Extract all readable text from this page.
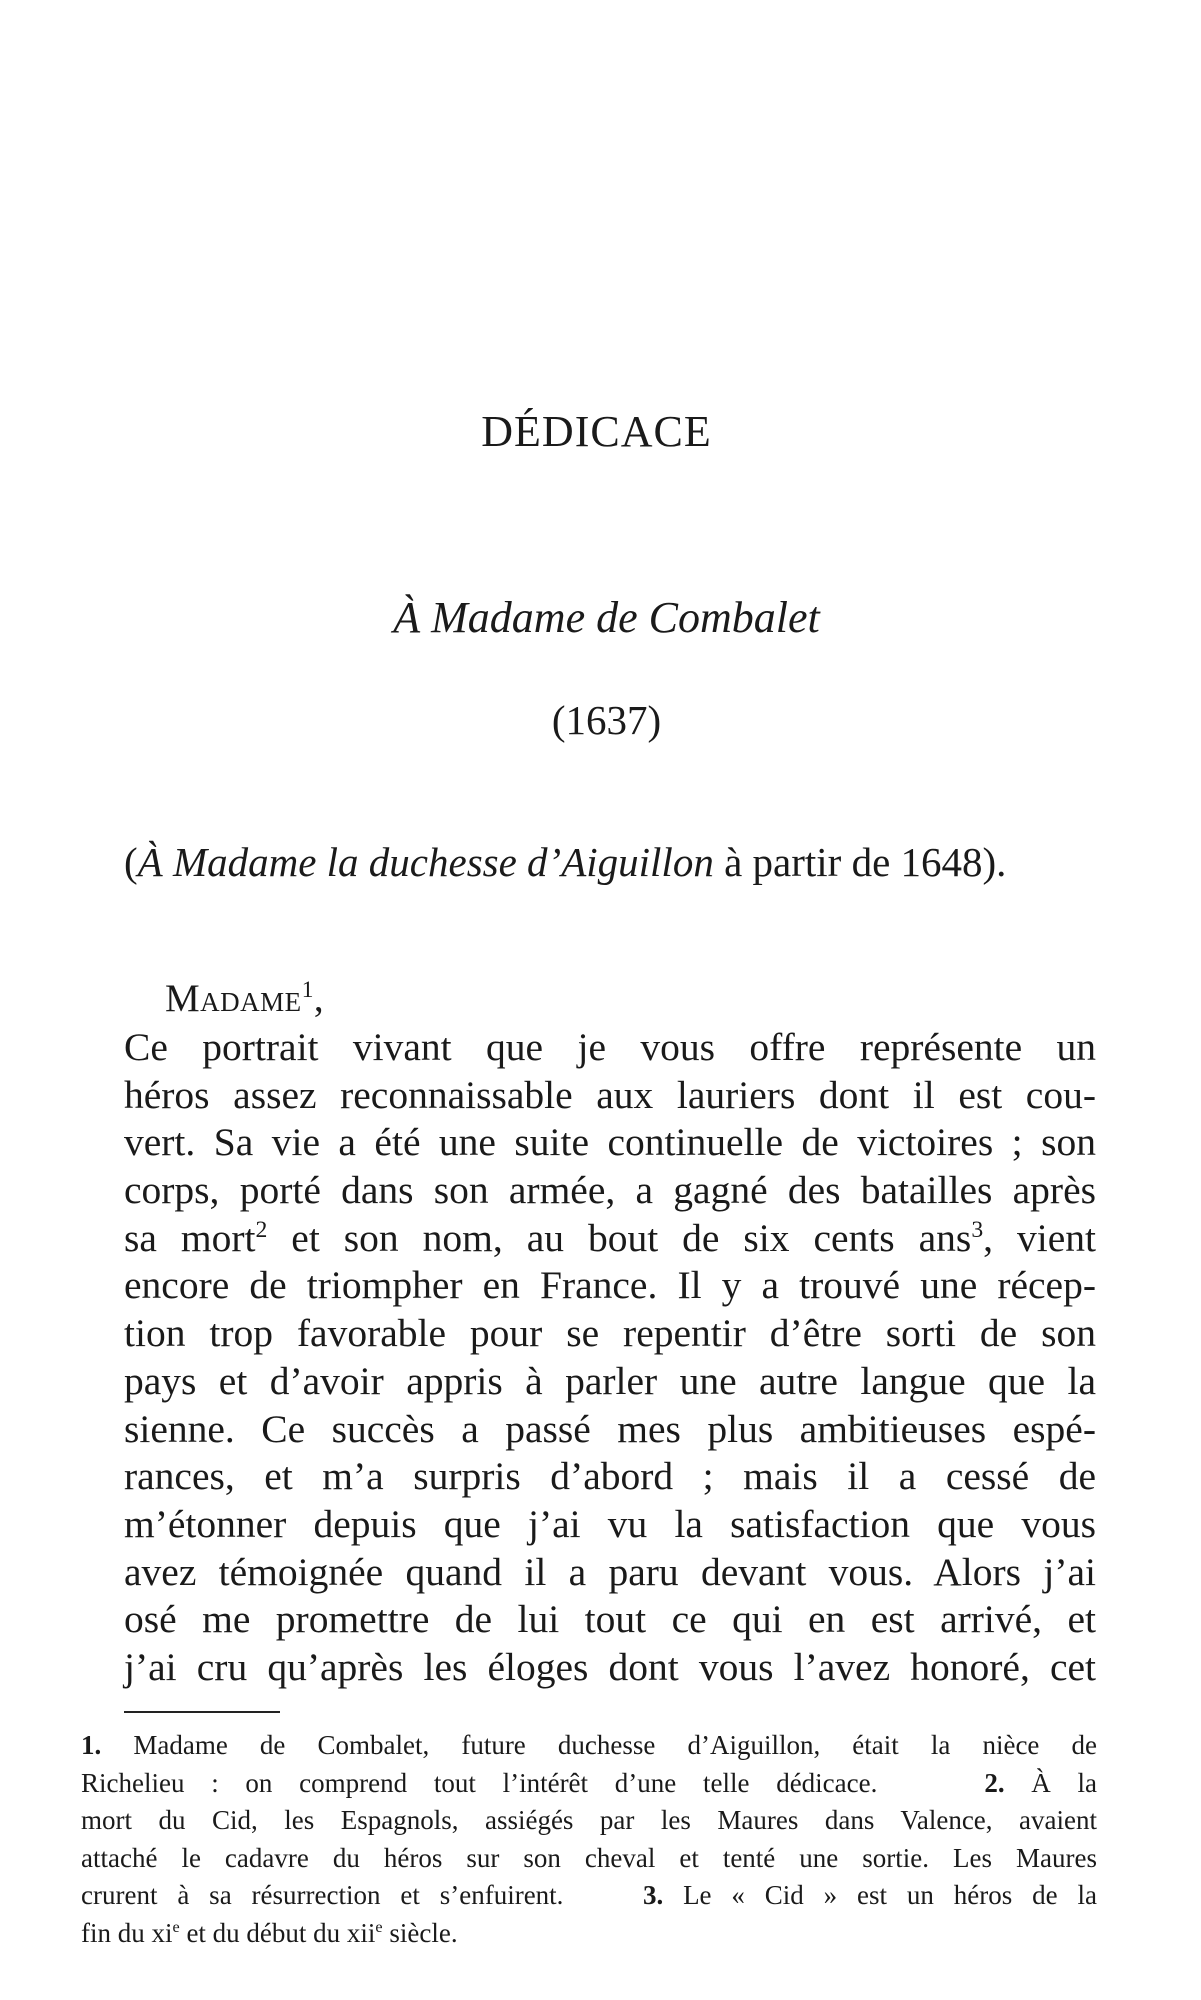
DÉDICACE
À Madame de Combalet
(1637)

(À Madame la duchesse d’Aiguillon à partir de 1648).

Madame$^1$,

Ce portrait vivant que je vous offre représente un
héros assez reconnaissable aux lauriers dont il est cou-
vert. Sa vie a été une suite continuelle de victoires ; son
corps, porté dans son armée, a gagné des batailles après
sa mort$^2$ et son nom, au bout de six cents ans$^3$, vient
encore de triompher en France. Il y a trouvé une récep-
tion trop favorable pour se repentir d’être sorti de son
pays et d’avoir appris à parler une autre langue que la
sienne. Ce succès a passé mes plus ambitieuses espé-
rances, et m’a surpris d’abord ; mais il a cessé de
m’étonner depuis que j’ai vu la satisfaction que vous
avez témoignée quand il a paru devant vous. Alors j’ai
osé me promettre de lui tout ce qui en est arrivé, et
j’ai cru qu’après les éloges dont vous l’avez honoré, cet
1. Madame de Combalet, future duchesse d’Aiguillon, était la nièce de
Richelieu : on comprend tout l’intérêt d’une telle dédicace.	2. À la
mort du Cid, les Espagnols, assiégés par les Maures dans Valence, avaient
attaché le cadavre du héros sur son cheval et tenté une sortie. Les Maures
crurent à sa résurrection et s’enfuirent.	3. Le « Cid » est un héros de la
fin du $xi^e$ et du début du xii$^e$ siècle.
